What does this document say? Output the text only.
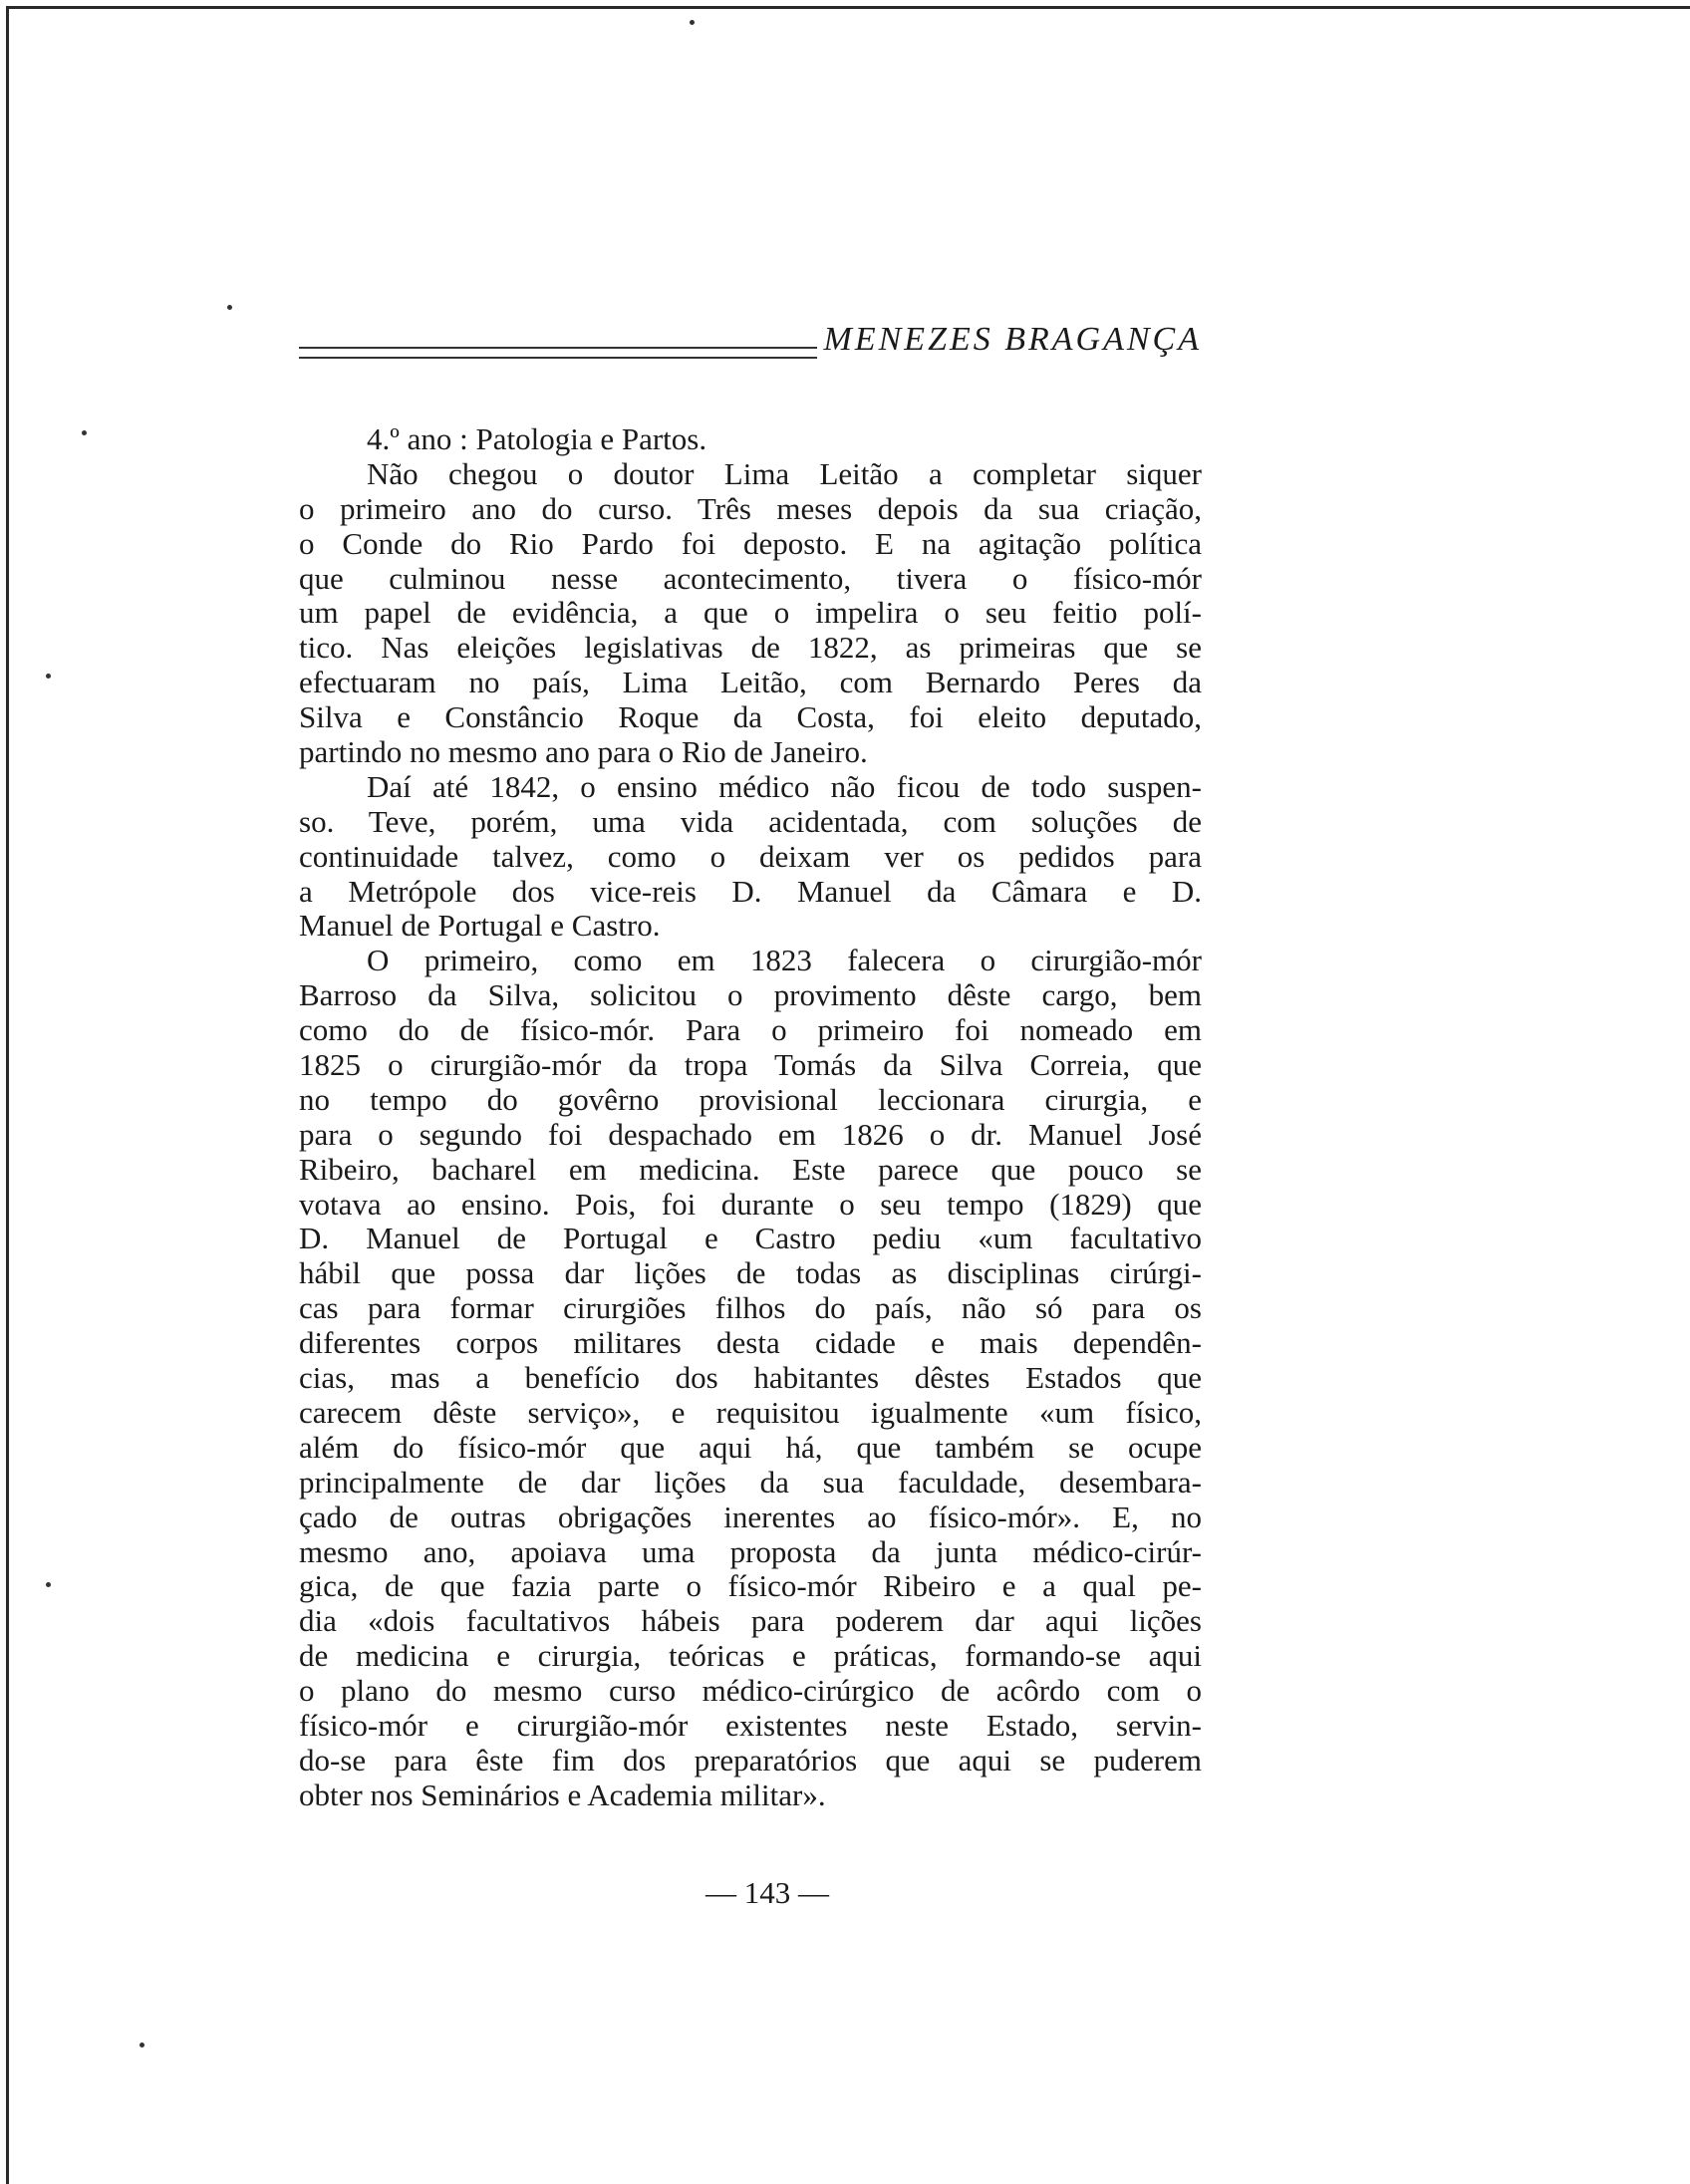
MENEZES BRAGANÇA
4.º ano : Patologia e Partos.
Não chegou o doutor Lima Leitão a completar siquer
o primeiro ano do curso. Três meses depois da sua criação,
o Conde do Rio Pardo foi deposto. E na agitação política
que culminou nesse acontecimento, tivera o físico-mór
um papel de evidência, a que o impelira o seu feitio polí-
tico. Nas eleições legislativas de 1822, as primeiras que se
efectuaram no país, Lima Leitão, com Bernardo Peres da
Silva e Constâncio Roque da Costa, foi eleito deputado,
partindo no mesmo ano para o Rio de Janeiro.
Daí até 1842, o ensino médico não ficou de todo suspen-
so. Teve, porém, uma vida acidentada, com soluções de
continuidade talvez, como o deixam ver os pedidos para
a Metrópole dos vice-reis D. Manuel da Câmara e D.
Manuel de Portugal e Castro.
O primeiro, como em 1823 falecera o cirurgião-mór
Barroso da Silva, solicitou o provimento dêste cargo, bem
como do de físico-mór. Para o primeiro foi nomeado em
1825 o cirurgião-mór da tropa Tomás da Silva Correia, que
no tempo do govêrno provisional leccionara cirurgia, e
para o segundo foi despachado em 1826 o dr. Manuel José
Ribeiro, bacharel em medicina. Este parece que pouco se
votava ao ensino. Pois, foi durante o seu tempo (1829) que
D. Manuel de Portugal e Castro pediu «um facultativo
hábil que possa dar lições de todas as disciplinas cirúrgi-
cas para formar cirurgiões filhos do país, não só para os
diferentes corpos militares desta cidade e mais dependên-
cias, mas a benefício dos habitantes dêstes Estados que
carecem dêste serviço», e requisitou igualmente «um físico,
além do físico-mór que aqui há, que também se ocupe
principalmente de dar lições da sua faculdade, desembara-
çado de outras obrigações inerentes ao físico-mór». E, no
mesmo ano, apoiava uma proposta da junta médico-cirúr-
gica, de que fazia parte o físico-mór Ribeiro e a qual pe-
dia «dois facultativos hábeis para poderem dar aqui lições
de medicina e cirurgia, teóricas e práticas, formando-se aqui
o plano do mesmo curso médico-cirúrgico de acôrdo com o
físico-mór e cirurgião-mór existentes neste Estado, servin-
do-se para êste fim dos preparatórios que aqui se puderem
obter nos Seminários e Academia militar».
— 143 —
